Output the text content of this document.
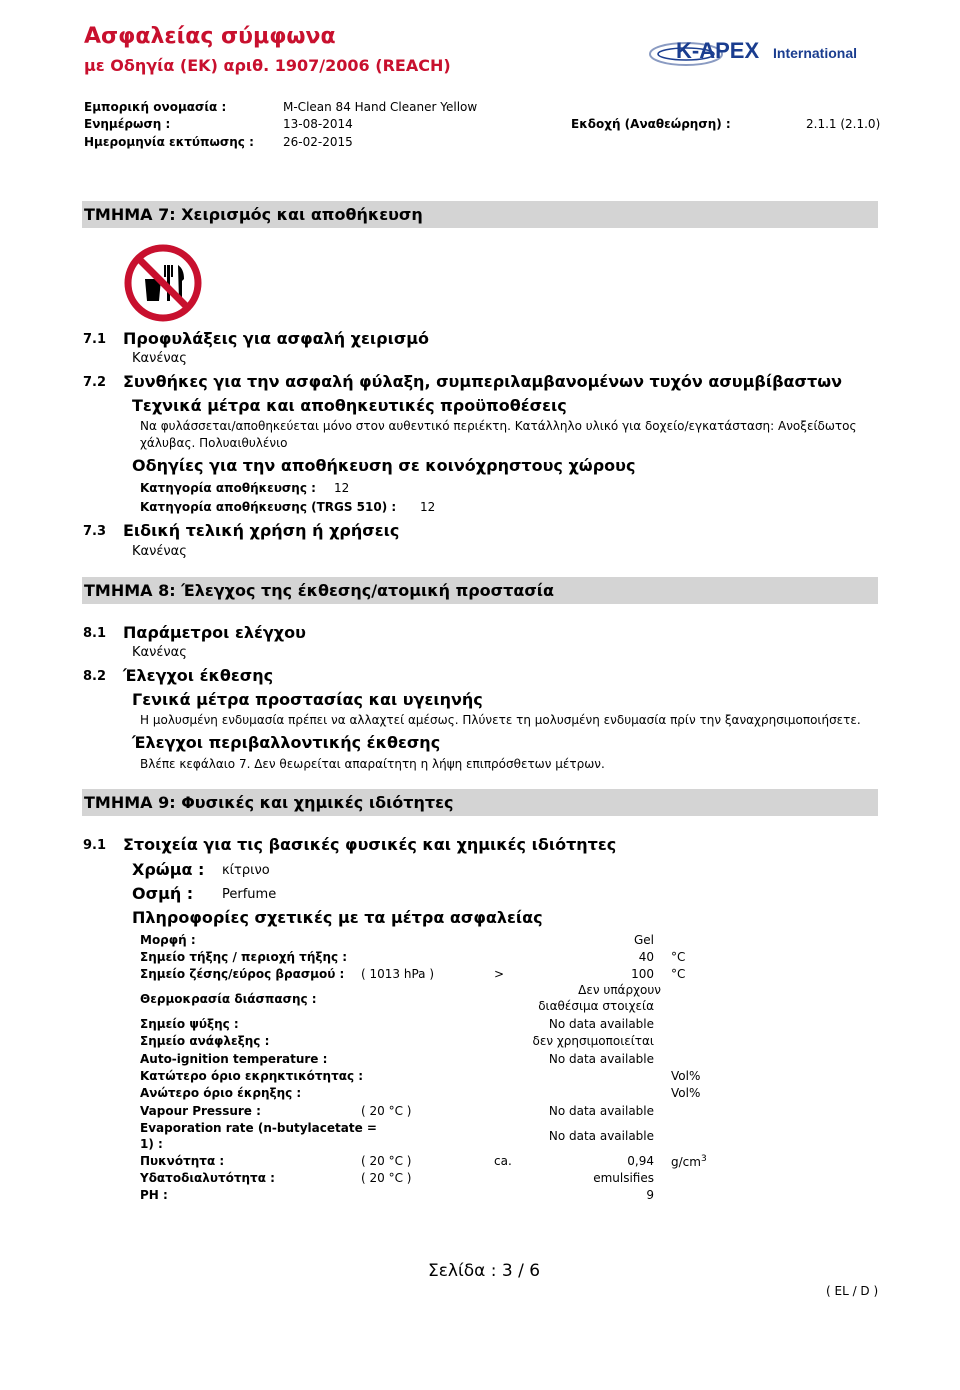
Ασφαλείας σύμφωνα
με Οδηγία (ΕΚ) αριθ. 1907/2006 (REACH)
K-APEX International
Εμπορική ονομασία :	M-Clean 84 Hand Cleaner Yellow
Ενημέρωση :	13-08-2014	Εκδοχή (Αναθεώρηση) :	2.1.1 (2.1.0)
Ημερομηνία εκτύπωσης : 26-02-2015
ΤΜΗΜΑ 7: Χειρισμός και αποθήκευση
7.1 Προφυλάξεις για ασφαλή χειρισμό
Κανένας
7.2 Συνθήκες για την ασφαλή φύλαξη, συμπεριλαμβανομένων τυχόν ασυμβίβαστων
Τεχνικά μέτρα και αποθηκευτικές προϋποθέσεις
Να φυλάσσεται/αποθηκεύεται μόνο στον αυθεντικό περιέκτη. Κατάλληλο υλικό για δοχείο/εγκατάσταση: Ανοξείδωτος
χάλυβας. Πολυαιθυλένιο
Οδηγίες για την αποθήκευση σε κοινόχρηστους χώρους
Κατηγορία αποθήκευσης : 12
Κατηγορία αποθήκευσης (TRGS 510) : 12
7.3 Ειδική τελική χρήση ή χρήσεις
Κανένας
ΤΜΗΜΑ 8: Έλεγχος της έκθεσης/ατομική προστασία
8.1 Παράμετροι ελέγχου
Κανένας
8.2 Έλεγχοι έκθεσης
Γενικά μέτρα προστασίας και υγειηνής
Η μολυσμένη ενδυμασία πρέπει να αλλαχτεί αμέσως. Πλύνετε τη μολυσμένη ενδυμασία πρίν την ξαναχρησιμοποιήσετε.
Έλεγχοι περιβαλλοντικής έκθεσης
Βλέπε κεφάλαιο 7. Δεν θεωρείται απαραίτητη η λήψη επιπρόσθετων μέτρων.
ΤΜΗΜΑ 9: Φυσικές και χημικές ιδιότητες
9.1 Στοιχεία για τις βασικές φυσικές και χημικές ιδιότητες
Χρώμα : κίτρινο
Οσμή : Perfume
Πληροφορίες σχετικές με τα μέτρα ασφαλείας
Μορφή :	Gel
Σημείο τήξης / περιοχή τήξης :	40 °C
Σημείο ζέσης/εύρος βρασμού : ( 1013 hPa )	>	100 °C
Θερμοκρασία διάσπασης :
Δεν υπάρχουν
διαθέσιμα στοιχεία
Σημείο ψύξης :	No data available
Σημείο ανάφλεξης :	δεν χρησιμοποιείται
Auto-ignition temperature :	No data available
Κατώτερο όριο εκρηκτικότητας :	Vol%
Ανώτερο όριο έκρηξης :	Vol%
Vapour Pressure :	( 20 °C )	No data available
Evaporation rate (n-butylacetate =
1) :
No data available
Πυκνότητα :	( 20 °C )	ca.	0,94 $g/cm^3$
Υδατοδιαλυτότητα :	( 20 °C )	emulsifies
PH :	9
Σελίδα : 3 / 6
( EL / D )
